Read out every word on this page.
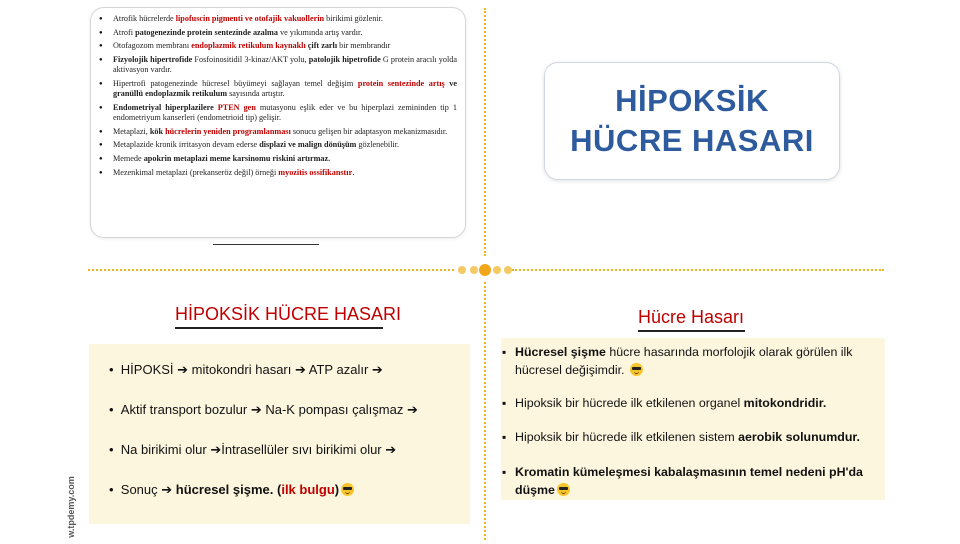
● Atrofik hücrelerde lipofuscin pigmenti ve otofajik vakuollerin birikimi gözlenir.
● Atrofi patogenezinde protein sentezinde azalma ve yıkımında artış vardır.
● Otofagozom membranı endoplazmik retikulum kaynaklı çift zarlı bir membrandır
● Fizyolojik hipertrofide Fosfoinositidil 3-kinaz/AKT yolu, patolojik hipetrofide G protein aracılı yolda aktivasyon vardır.
● Hipertrofi patogenezinde hücresel büyümeyi sağlayan temel değişim protein sentezinde artış ve granüllü endoplazmik retikulum sayısında artıştır.
● Endometriyal hiperplazilere PTEN gen mutasyonu eşlik eder ve bu hiperplazi zemininden tip 1 endometriyum kanserleri (endometrioid tip) gelişir.
● Metaplazi, kök hücrelerin yeniden programlanması sonucu gelişen bir adaptasyon mekanizmasıdır.
● Metaplazide kronik irritasyon devam ederse displazi ve malign dönüşüm gözlenebilir.
● Memede apokrin metaplazi meme karsinomu riskini artırmaz.
● Mezenkimal metaplazi (prekanseröz değil) örneği myozitis ossifikanstır.
HİPOKSİK
HÜCRE HASARI
HİPOKSİK HÜCRE HASARI
•  HİPOKSİ ➔ mitokondri hasarı ➔ ATP azalır ➔
•  Aktif transport bozulur ➔ Na-K pompası çalışmaz ➔
•  Na birikimi olur ➔İntrasellüler sıvı birikimi olur ➔
•  Sonuç ➔ hücresel şişme. (ilk bulgu)
Hücre Hasarı
▪ Hücresel şişme hücre hasarında morfolojik olarak görülen ilk hücresel değişimdir.
▪ Hipoksik bir hücrede ilk etkilenen organel mitokondridir.
▪ Hipoksik bir hücrede ilk etkilenen sistem aerobik solunumdur.
▪ Kromatin kümeleşmesi kabalaşmasının temel nedeni pH'da düşme
w.tpdemy.com
